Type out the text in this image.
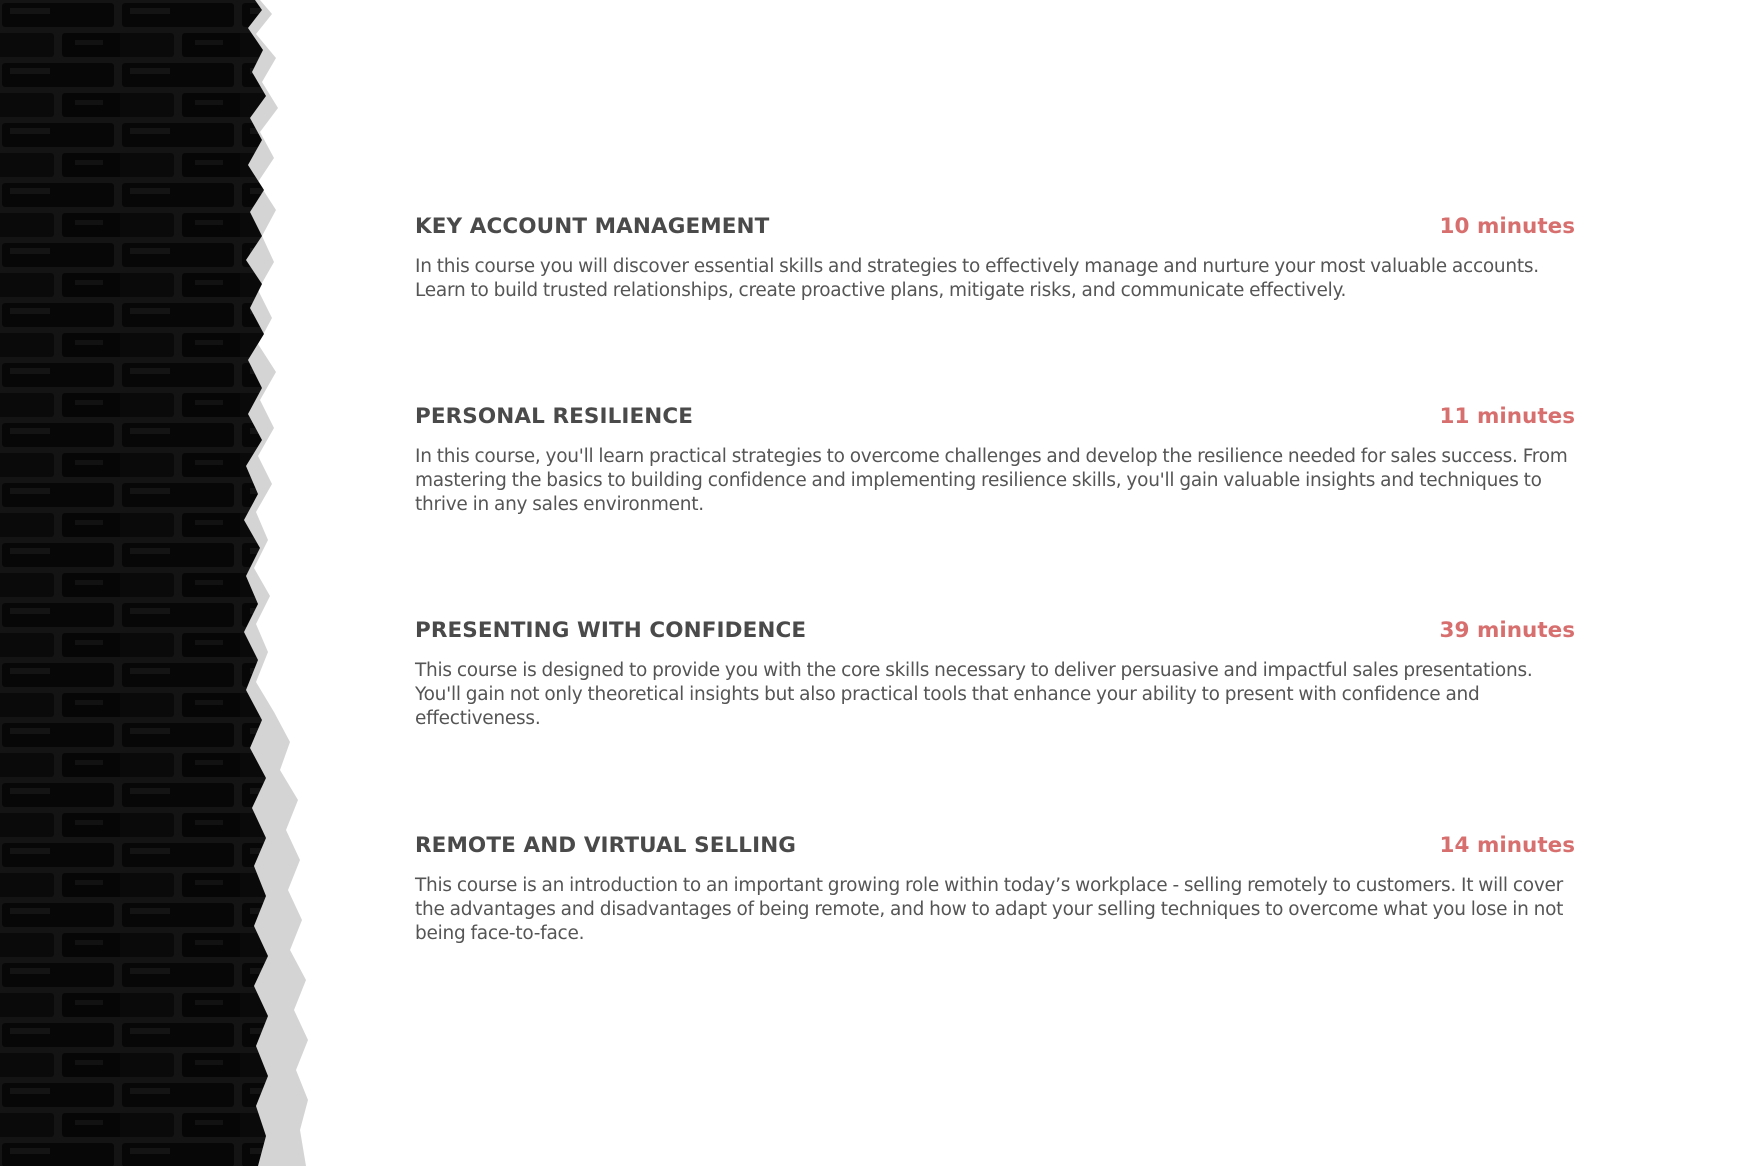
KEY ACCOUNT MANAGEMENT	10 minutes
In this course you will discover essential skills and strategies to effectively manage and nurture your most valuable accounts. Learn to build trusted relationships, create proactive plans, mitigate risks, and communicate effectively.
PERSONAL RESILIENCE	11 minutes
In this course, you'll learn practical strategies to overcome challenges and develop the resilience needed for sales success. From mastering the basics to building confidence and implementing resilience skills, you'll gain valuable insights and techniques to thrive in any sales environment.
PRESENTING WITH CONFIDENCE	39 minutes
This course is designed to provide you with the core skills necessary to deliver persuasive and impactful sales presentations. You'll gain not only theoretical insights but also practical tools that enhance your ability to present with confidence and effectiveness.
REMOTE AND VIRTUAL SELLING	14 minutes
This course is an introduction to an important growing role within today’s workplace - selling remotely to customers. It will cover the advantages and disadvantages of being remote, and how to adapt your selling techniques to overcome what you lose in not being face-to-face.
